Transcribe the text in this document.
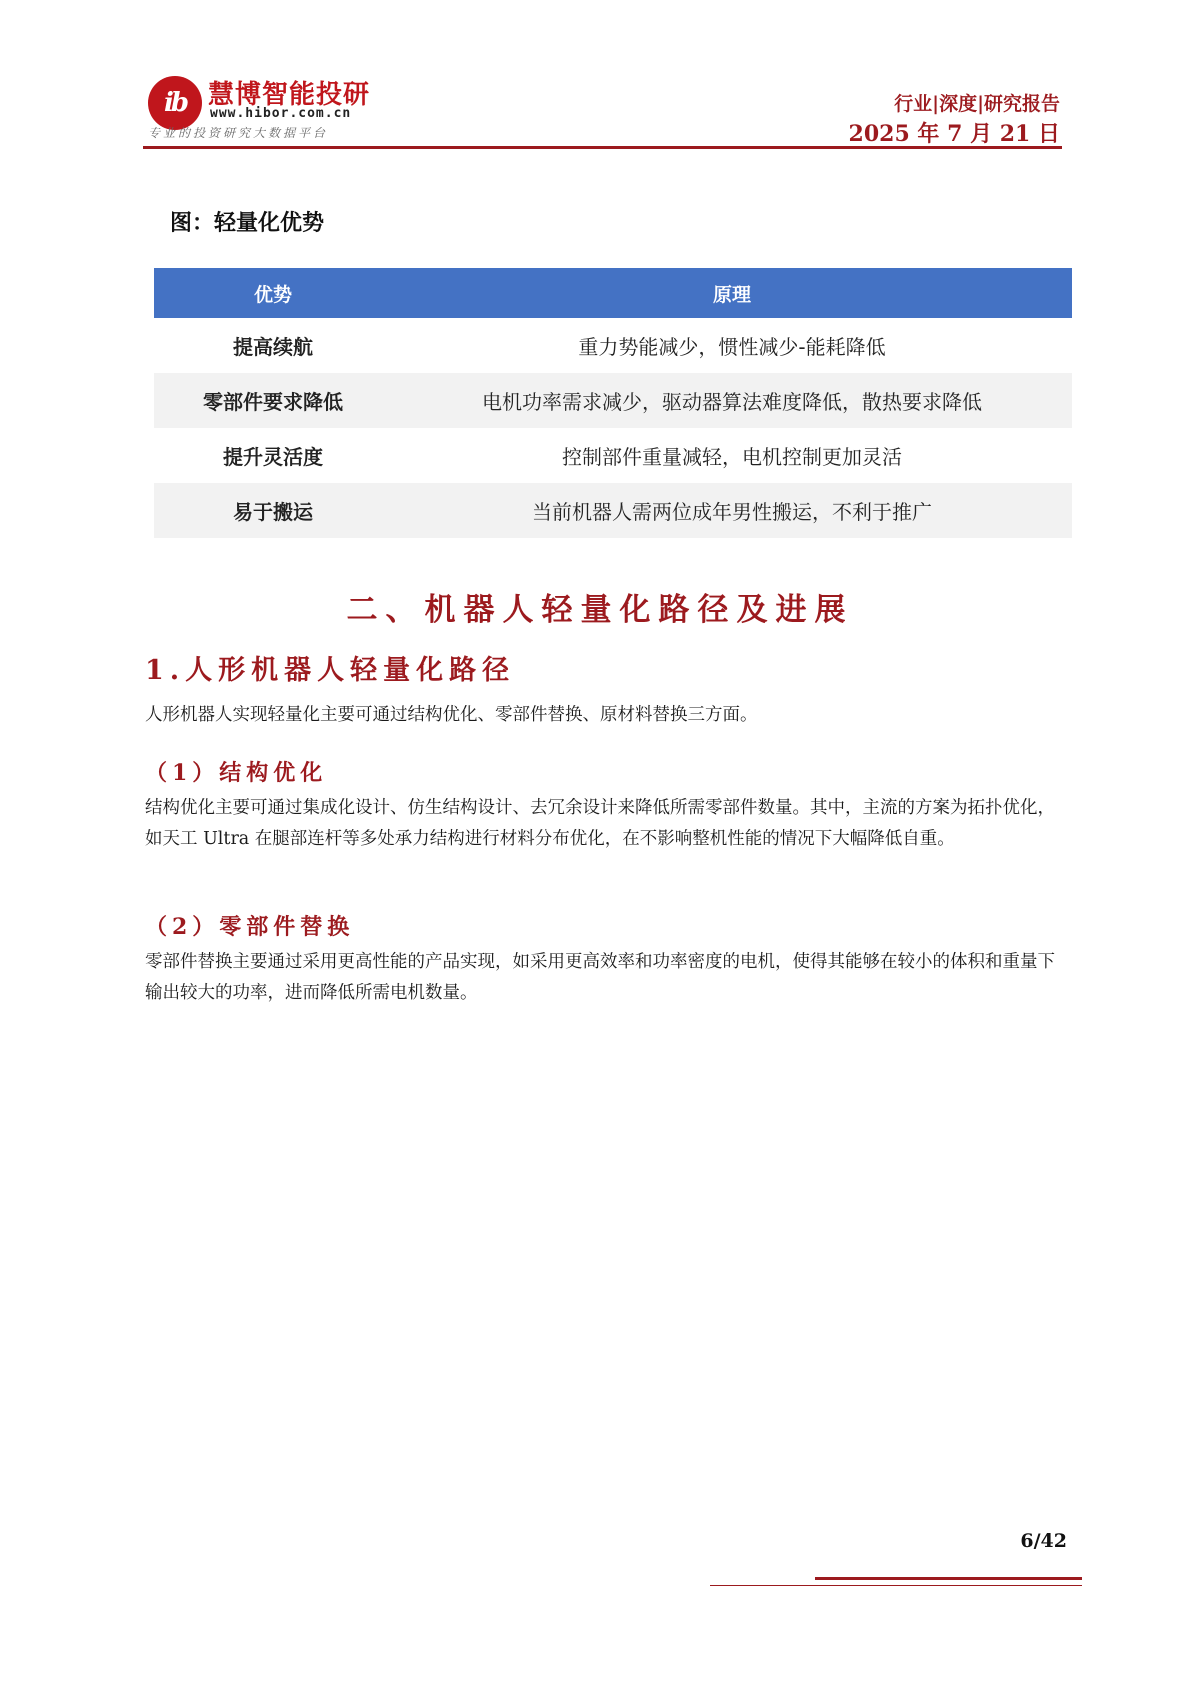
ib 慧博智能投研
www.hibor.com.cn
专业的投资研究大数据平台
行业|深度|研究报告
2025 年 7 月 21 日
图：轻量化优势
优势	原理
提高续航	重力势能减少，惯性减少-能耗降低
零部件要求降低	电机功率需求减少，驱动器算法难度降低，散热要求降低
提升灵活度	控制部件重量减轻，电机控制更加灵活
易于搬运	当前机器人需两位成年男性搬运，不利于推广
二、机器人轻量化路径及进展
1.人形机器人轻量化路径

人形机器人实现轻量化主要可通过结构优化、零部件替换、原材料替换三方面。

（1）结构优化

结构优化主要可通过集成化设计、仿生结构设计、去冗余设计来降低所需零部件数量。其中，主流的方案为拓扑优化，如天工 Ultra 在腿部连杆等多处承力结构进行材料分布优化，在不影响整机性能的情况下大幅降低自重。

（2）零部件替换

零部件替换主要通过采用更高性能的产品实现，如采用更高效率和功率密度的电机，使得其能够在较小的体积和重量下输出较大的功率，进而降低所需电机数量。

6/42
